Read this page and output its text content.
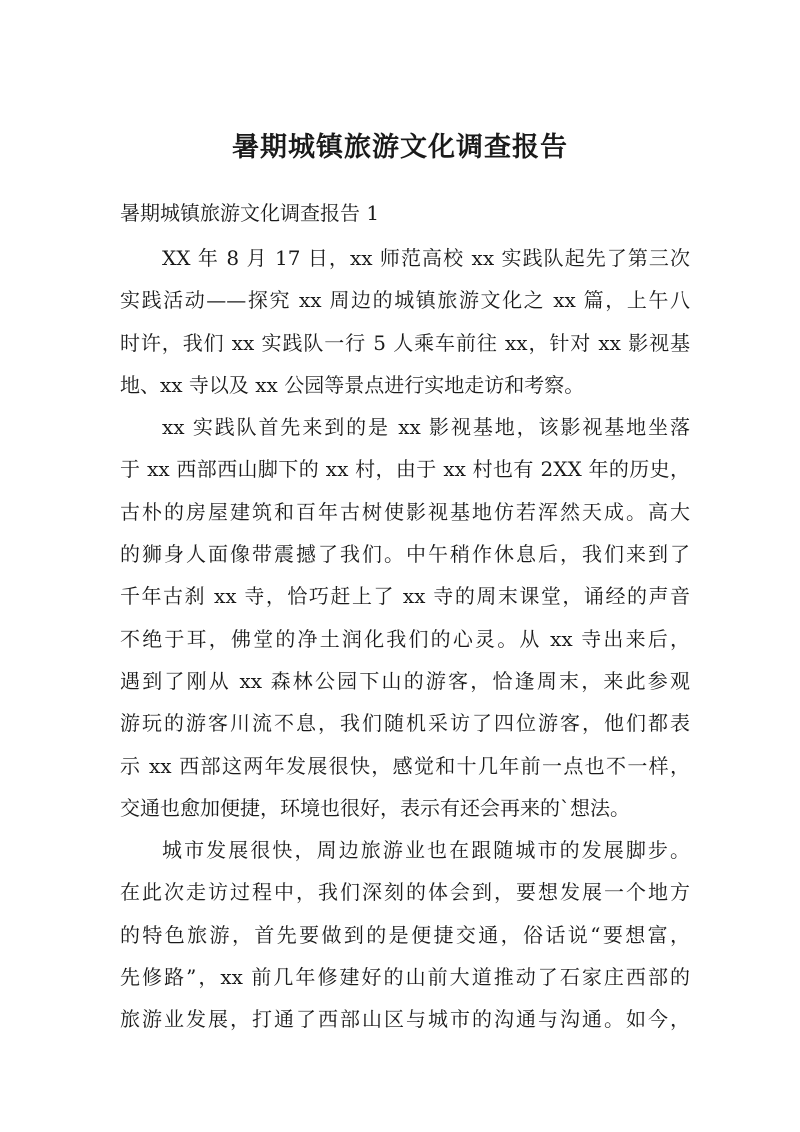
暑期城镇旅游文化调查报告
暑期城镇旅游文化调查报告 1
XX 年 8 月 17 日，xx 师范高校 xx 实践队起先了第三次
实践活动——探究 xx 周边的城镇旅游文化之 xx 篇，上午八
时许，我们 xx 实践队一行 5 人乘车前往 xx，针对 xx 影视基
地、xx 寺以及 xx 公园等景点进行实地走访和考察。
xx 实践队首先来到的是 xx 影视基地，该影视基地坐落
于 xx 西部西山脚下的 xx 村，由于 xx 村也有 2XX 年的历史，
古朴的房屋建筑和百年古树使影视基地仿若浑然天成。高大
的狮身人面像带震撼了我们。中午稍作休息后，我们来到了
千年古刹 xx 寺，恰巧赶上了 xx 寺的周末课堂，诵经的声音
不绝于耳，佛堂的净土润化我们的心灵。从 xx 寺出来后，
遇到了刚从 xx 森林公园下山的游客，恰逢周末，来此参观
游玩的游客川流不息，我们随机采访了四位游客，他们都表
示 xx 西部这两年发展很快，感觉和十几年前一点也不一样，
交通也愈加便捷，环境也很好，表示有还会再来的`想法。
城市发展很快，周边旅游业也在跟随城市的发展脚步。
在此次走访过程中，我们深刻的体会到，要想发展一个地方
的特色旅游，首先要做到的是便捷交通，俗话说“要想富，
先修路”，xx 前几年修建好的山前大道推动了石家庄西部的
旅游业发展，打通了西部山区与城市的沟通与沟通。如今，
